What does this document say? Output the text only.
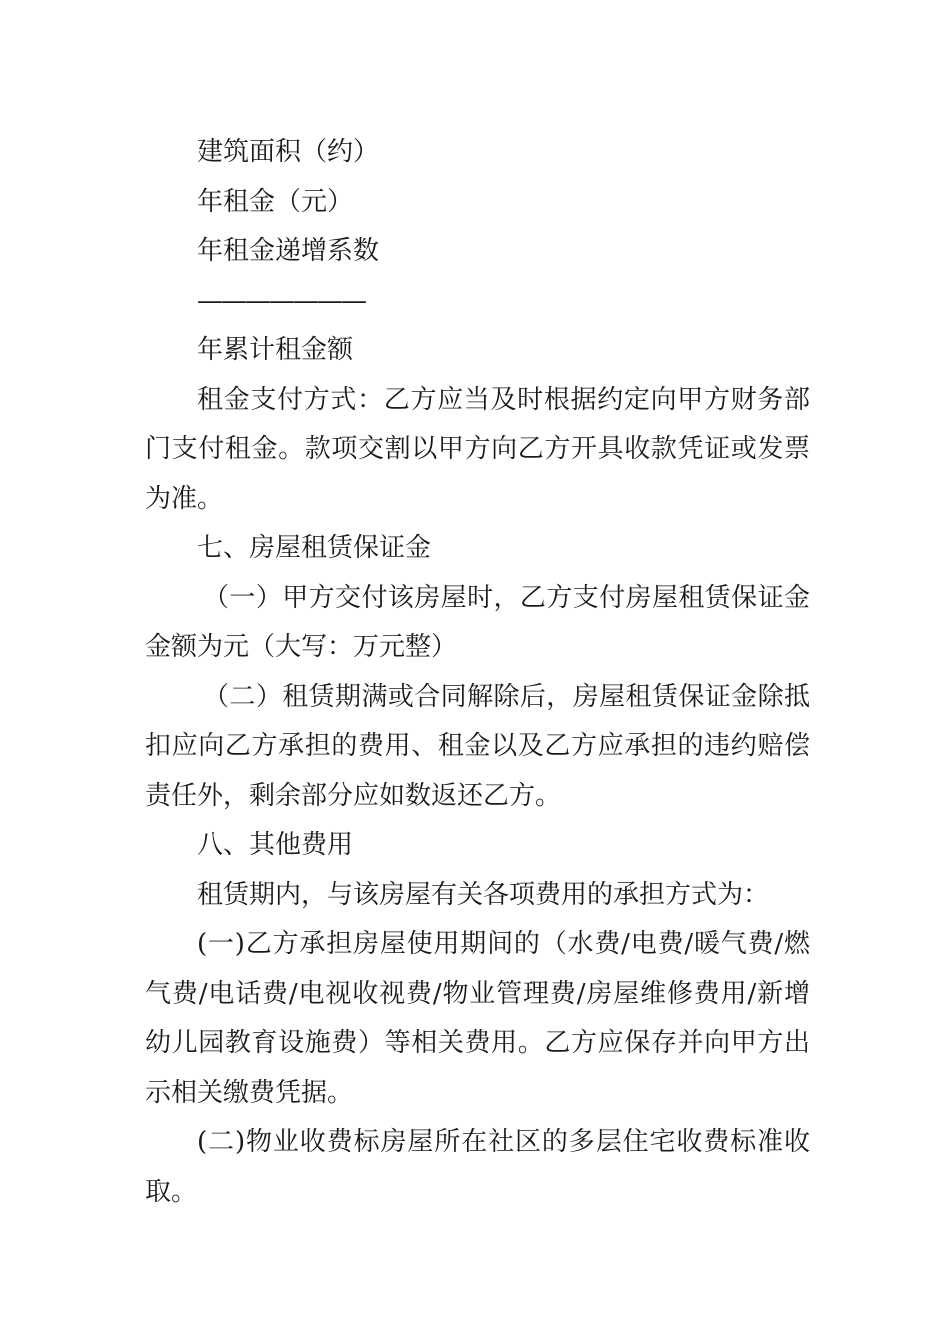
建筑面积（约）

年租金（元）

年租金递增系数

———————

年累计租金额

租金支付方式：乙方应当及时根据约定向甲方财务部门支付租金。款项交割以甲方向乙方开具收款凭证或发票为准。

七、房屋租赁保证金

（一）甲方交付该房屋时，乙方支付房屋租赁保证金金额为元（大写：万元整）

（二）租赁期满或合同解除后，房屋租赁保证金除抵扣应向乙方承担的费用、租金以及乙方应承担的违约赔偿责任外，剩余部分应如数返还乙方。

八、其他费用

租赁期内，与该房屋有关各项费用的承担方式为：

(一)乙方承担房屋使用期间的（水费/电费/暖气费/燃气费/电话费/电视收视费/物业管理费/房屋维修费用/新增幼儿园教育设施费）等相关费用。乙方应保存并向甲方出示相关缴费凭据。

(二)物业收费标房屋所在社区的多层住宅收费标准收取。
